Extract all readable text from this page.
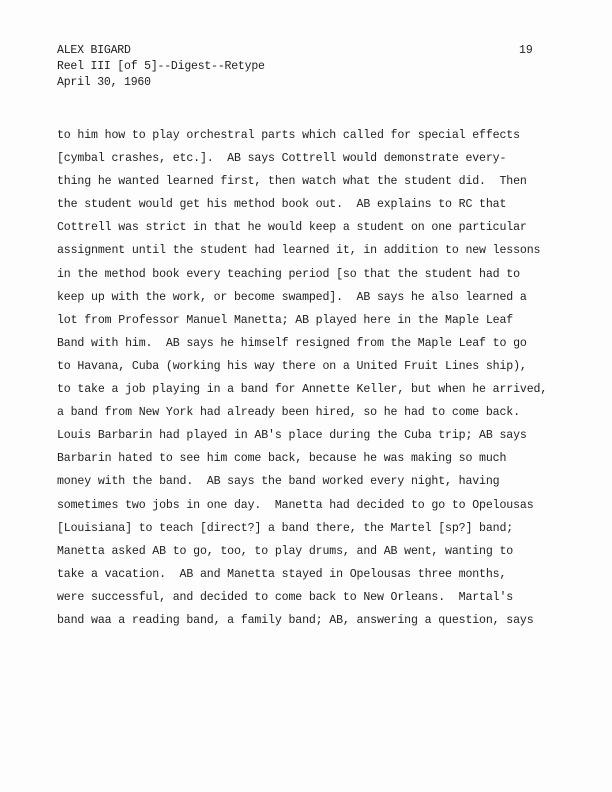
ALEX BIGARD
Reel III [of 5]--Digest--Retype
April 30, 1960
19
to him how to play orchestral parts which called for special effects
[cymbal crashes, etc.].  AB says Cottrell would demonstrate every-
thing he wanted learned first, then watch what the student did.  Then
the student would get his method book out.  AB explains to RC that
Cottrell was strict in that he would keep a student on one particular
assignment until the student had learned it, in addition to new lessons
in the method book every teaching period [so that the student had to
keep up with the work, or become swamped].  AB says he also learned a
lot from Professor Manuel Manetta; AB played here in the Maple Leaf
Band with him.  AB says he himself resigned from the Maple Leaf to go
to Havana, Cuba (working his way there on a United Fruit Lines ship),
to take a job playing in a band for Annette Keller, but when he arrived,
a band from New York had already been hired, so he had to come back.
Louis Barbarin had played in AB's place during the Cuba trip; AB says
Barbarin hated to see him come back, because he was making so much
money with the band.  AB says the band worked every night, having
sometimes two jobs in one day.  Manetta had decided to go to Opelousas
[Louisiana] to teach [direct?] a band there, the Martel [sp?] band;
Manetta asked AB to go, too, to play drums, and AB went, wanting to
take a vacation.  AB and Manetta stayed in Opelousas three months,
were successful, and decided to come back to New Orleans.  Martal's
band waa a reading band, a family band; AB, answering a question, says
